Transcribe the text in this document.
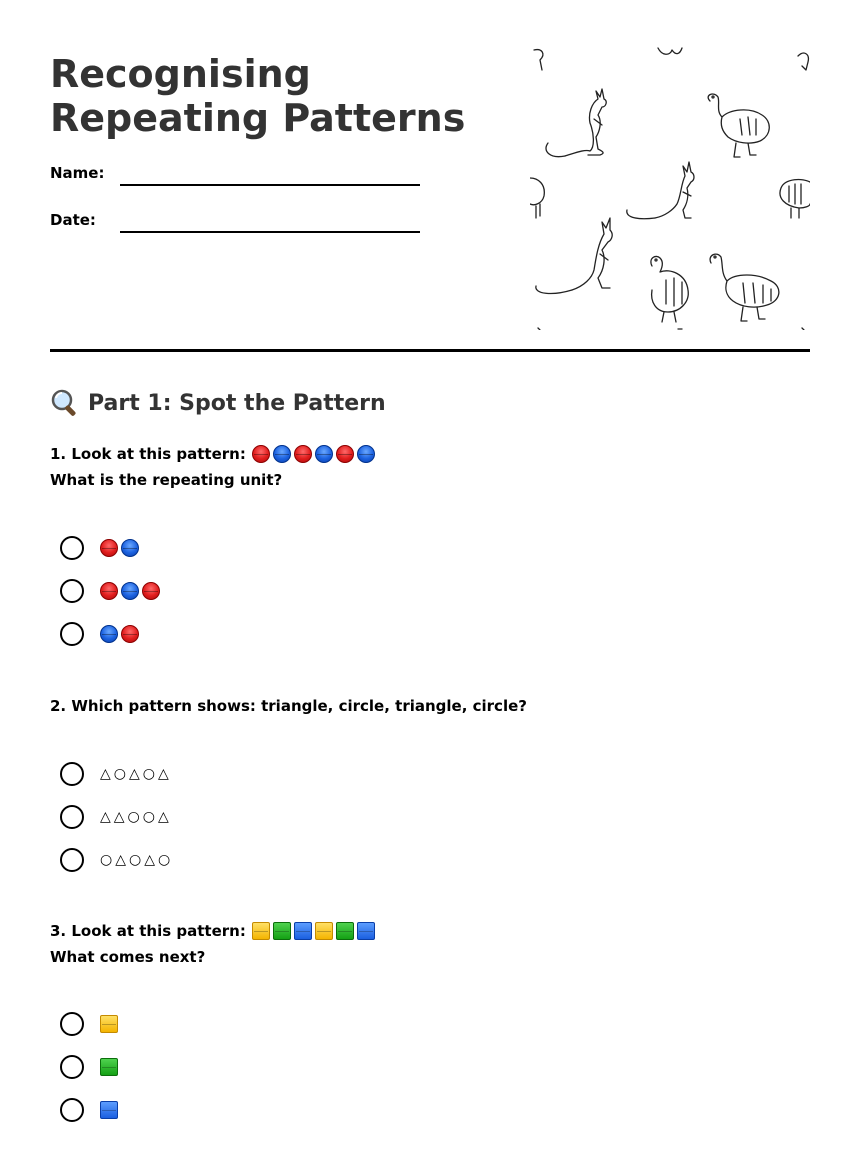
Recognising Repeating Patterns
Name:
Date:
Part 1: Spot the Pattern
1. Look at this pattern:
What is the repeating unit?
2. Which pattern shows: triangle, circle, triangle, circle?
△○△○△
△△○○△
○△○△○
3. Look at this pattern:
What comes next?
